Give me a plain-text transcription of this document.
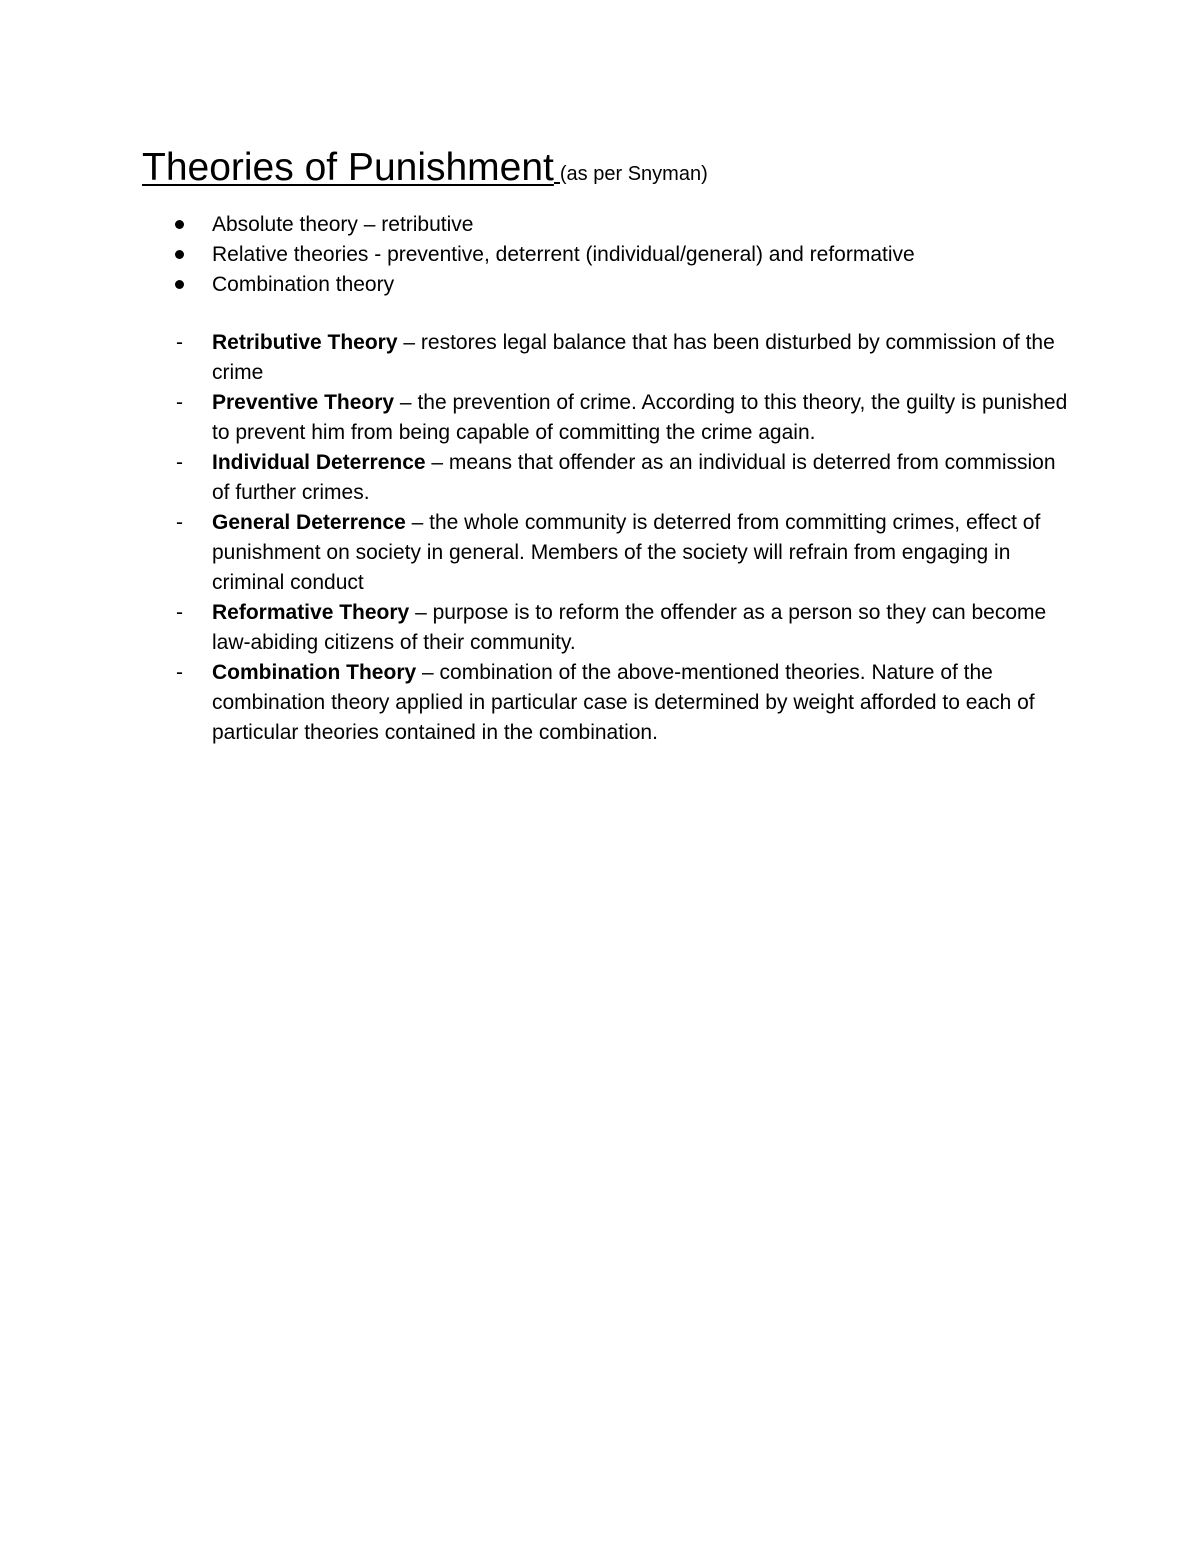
Theories of Punishment (as per Snyman)
Absolute theory – retributive
Relative theories - preventive, deterrent (individual/general) and reformative
Combination theory
- Retributive Theory – restores legal balance that has been disturbed by commission of the crime
- Preventive Theory – the prevention of crime. According to this theory, the guilty is punished to prevent him from being capable of committing the crime again.
- Individual Deterrence – means that offender as an individual is deterred from commission of further crimes.
- General Deterrence – the whole community is deterred from committing crimes, effect of punishment on society in general. Members of the society will refrain from engaging in criminal conduct
- Reformative Theory – purpose is to reform the offender as a person so they can become law-abiding citizens of their community.
- Combination Theory – combination of the above-mentioned theories. Nature of the combination theory applied in particular case is determined by weight afforded to each of particular theories contained in the combination.
